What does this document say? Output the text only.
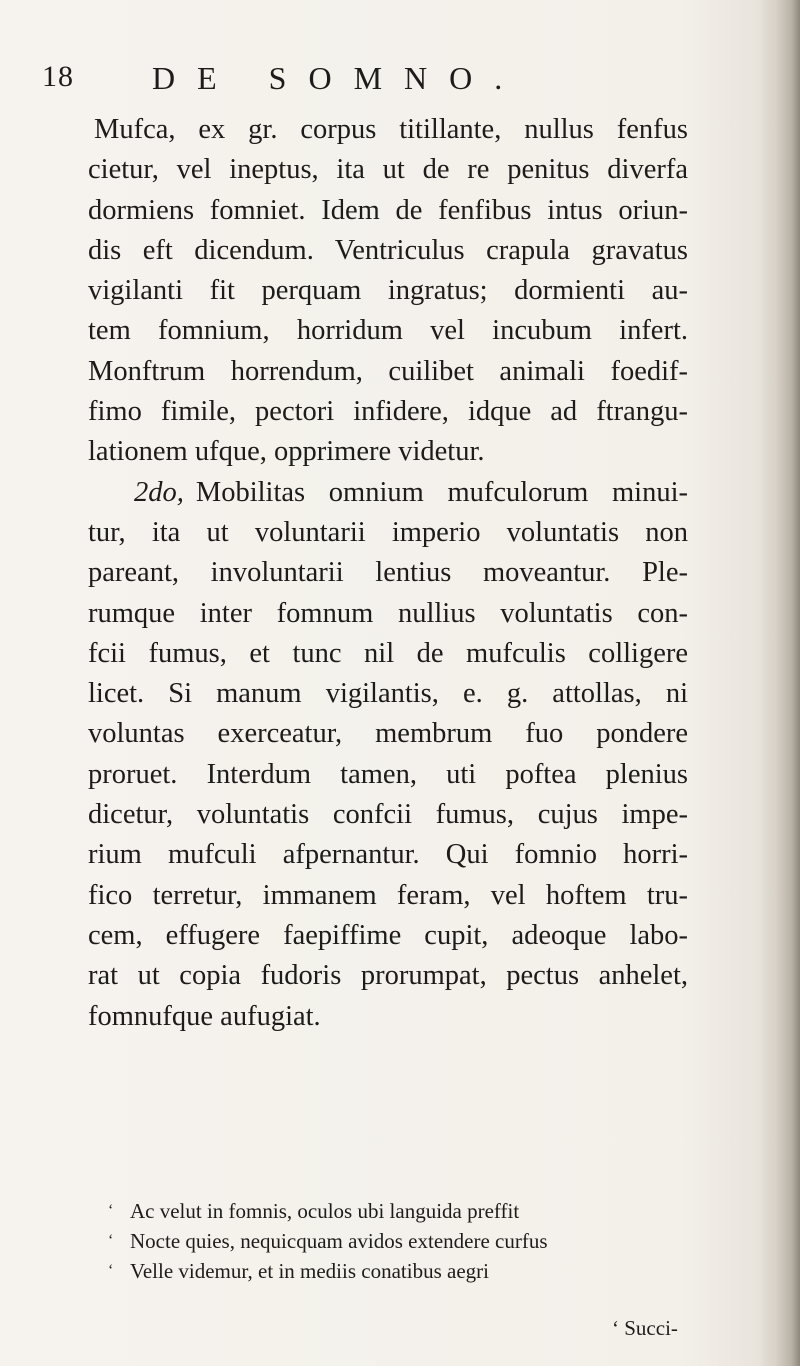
18 DE SOMNO.
Mufca, ex gr. corpus titillante, nullus fenfus
cietur, vel ineptus, ita ut de re penitus diverfa
dormiens fomniet. Idem de fenfibus intus oriun-
dis eft dicendum. Ventriculus crapula gravatus
vigilanti fit perquam ingratus; dormienti au-
tem fomnium, horridum vel incubum infert.
Monftrum horrendum, cuilibet animali foedif-
fimo fimile, pectori infidere, idque ad ftrangu-
lationem ufque, opprimere videtur.
2do, Mobilitas omnium mufculorum minui-
tur, ita ut voluntarii imperio voluntatis non
pareant, involuntarii lentius moveantur. Ple-
rumque inter fomnum nullius voluntatis con-
fcii fumus, et tunc nil de mufculis colligere
licet. Si manum vigilantis, e. g. attollas, ni
voluntas exerceatur, membrum fuo pondere
proruet. Interdum tamen, uti poftea plenius
dicetur, voluntatis confcii fumus, cujus impe-
rium mufculi afpernantur. Qui fomnio horri-
fico terretur, immanem feram, vel hoftem tru-
cem, effugere faepiffime cupit, adeoque labo-
rat ut copia fudoris prorumpat, pectus anhelet,
fomnufque aufugiat.
‘ Ac velut in fomnis, oculos ubi languida preffit
‘ Nocte quies, nequicquam avidos extendere curfus
‘ Velle videmur, et in mediis conatibus aegri
‘ Succi-
